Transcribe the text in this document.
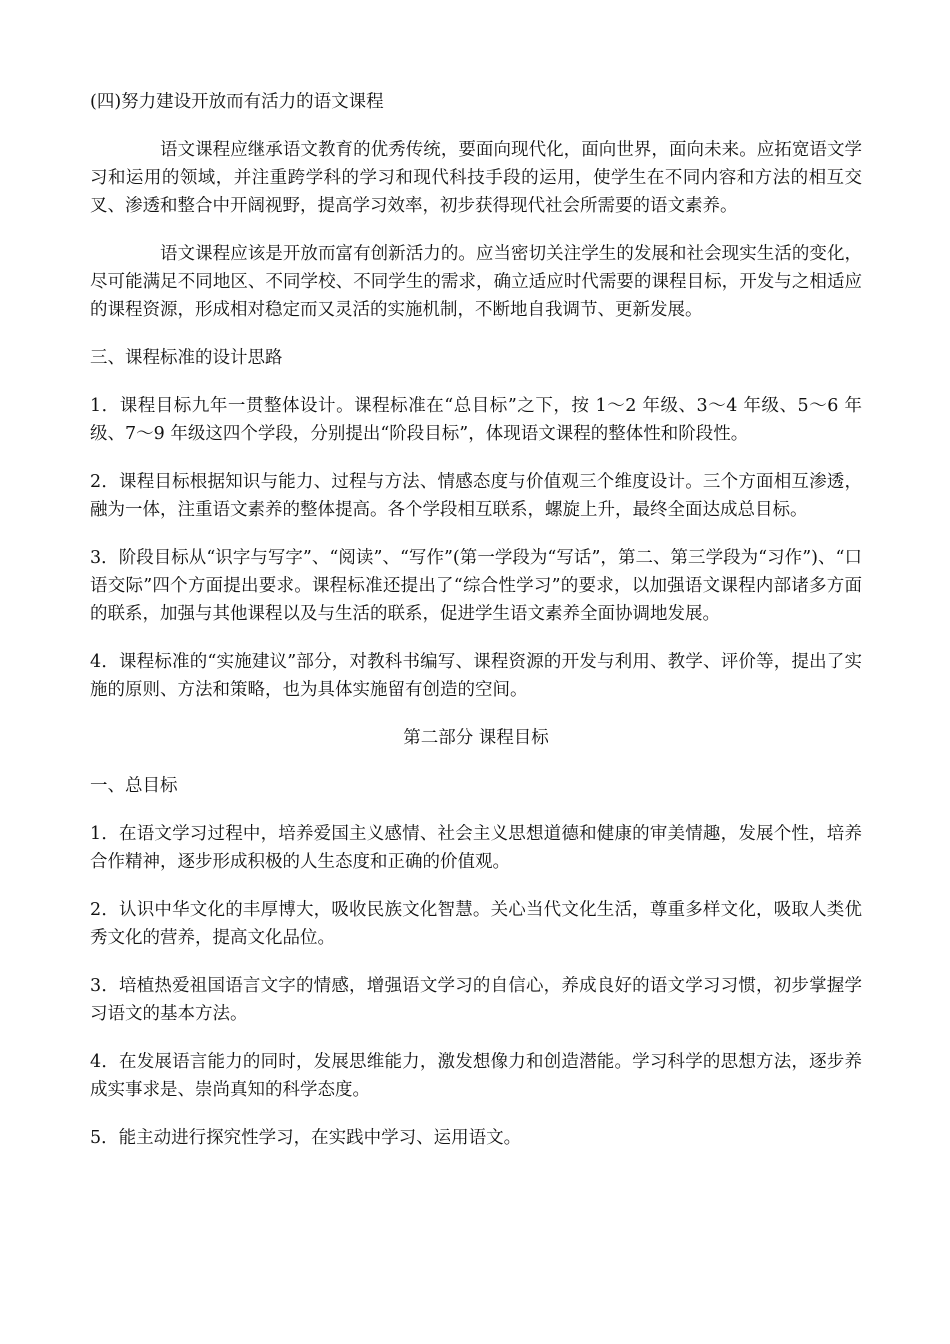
(四)努力建设开放而有活力的语文课程

语文课程应继承语文教育的优秀传统，要面向现代化，面向世界，面向未来。应拓宽语文学习和运用的领域，并注重跨学科的学习和现代科技手段的运用，使学生在不同内容和方法的相互交叉、渗透和整合中开阔视野，提高学习效率，初步获得现代社会所需要的语文素养。

语文课程应该是开放而富有创新活力的。应当密切关注学生的发展和社会现实生活的变化，尽可能满足不同地区、不同学校、不同学生的需求，确立适应时代需要的课程目标，开发与之相适应的课程资源，形成相对稳定而又灵活的实施机制，不断地自我调节、更新发展。

三、课程标准的设计思路

1．课程目标九年一贯整体设计。课程标准在“总目标”之下，按 1～2 年级、3～4 年级、5～6 年级、7～9 年级这四个学段，分别提出“阶段目标”，体现语文课程的整体性和阶段性。

2．课程目标根据知识与能力、过程与方法、情感态度与价值观三个维度设计。三个方面相互渗透，融为一体，注重语文素养的整体提高。各个学段相互联系，螺旋上升，最终全面达成总目标。

3．阶段目标从“识字与写字”、“阅读”、“写作”(第一学段为“写话”，第二、第三学段为“习作”)、“口语交际”四个方面提出要求。课程标准还提出了“综合性学习”的要求，以加强语文课程内部诸多方面的联系，加强与其他课程以及与生活的联系，促进学生语文素养全面协调地发展。

4．课程标准的“实施建议”部分，对教科书编写、课程资源的开发与利用、教学、评价等，提出了实施的原则、方法和策略，也为具体实施留有创造的空间。

第二部分 课程目标

一、总目标

1．在语文学习过程中，培养爱国主义感情、社会主义思想道德和健康的审美情趣，发展个性，培养合作精神，逐步形成积极的人生态度和正确的价值观。

2．认识中华文化的丰厚博大，吸收民族文化智慧。关心当代文化生活，尊重多样文化，吸取人类优秀文化的营养，提高文化品位。

3．培植热爱祖国语言文字的情感，增强语文学习的自信心，养成良好的语文学习习惯，初步掌握学习语文的基本方法。

4．在发展语言能力的同时，发展思维能力，激发想像力和创造潜能。学习科学的思想方法，逐步养成实事求是、崇尚真知的科学态度。

5．能主动进行探究性学习，在实践中学习、运用语文。
